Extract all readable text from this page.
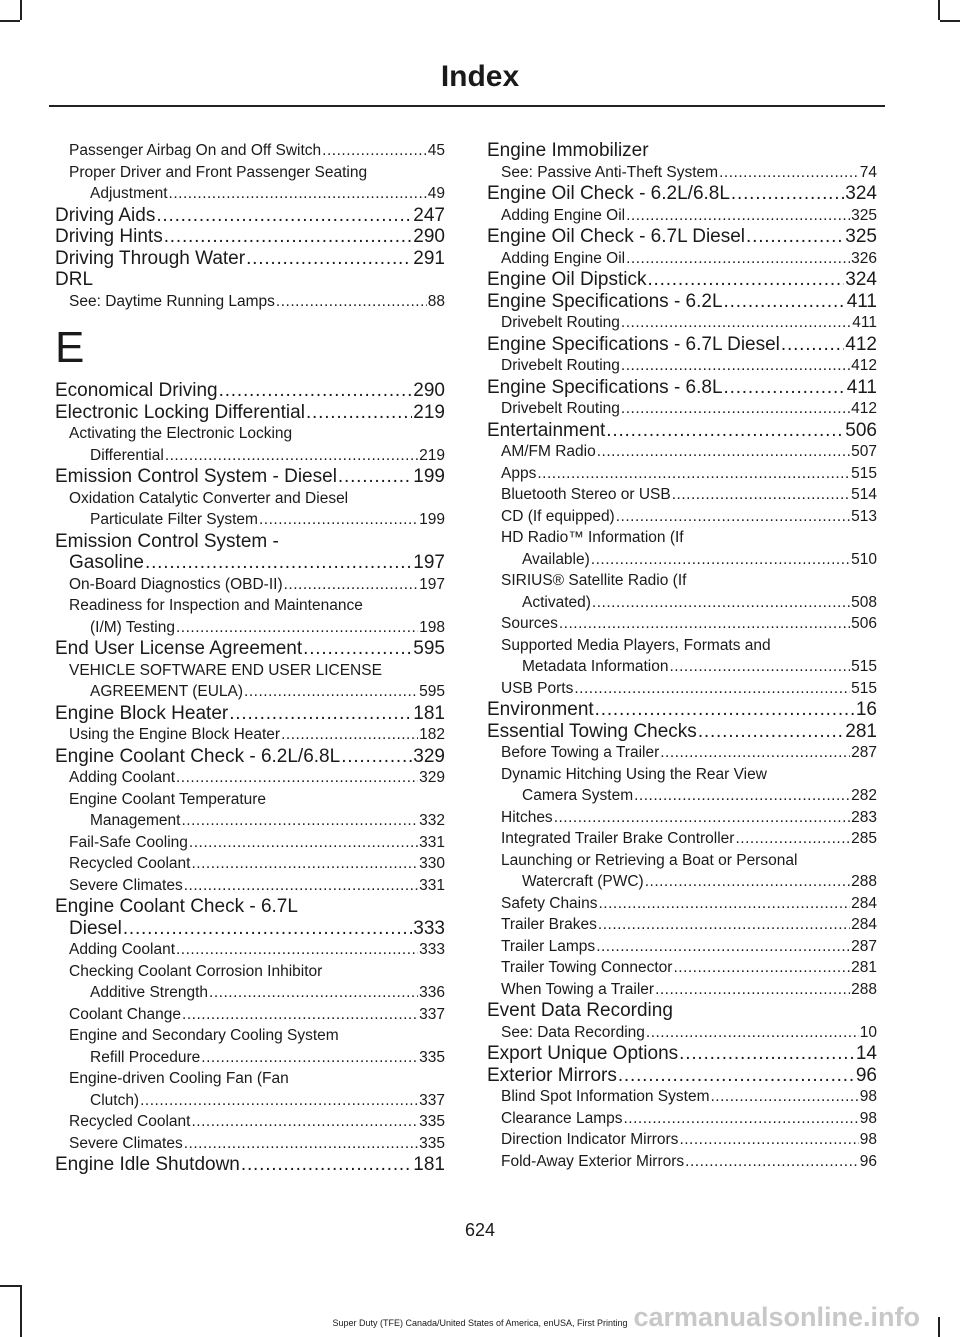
Index
Passenger Airbag On and Off Switch .....	45
Proper Driver and Front Passenger Seating
Adjustment .....	49
Driving Aids .....	247
Driving Hints .....	290
Driving Through Water .....	291
DRL
See: Daytime Running Lamps .....	88
E
Economical Driving .....	290
Electronic Locking Differential .....	219
Activating the Electronic Locking
Differential .....	219
Emission Control System - Diesel .....	199
Oxidation Catalytic Converter and Diesel
Particulate Filter System .....	199
Emission Control System -
Gasoline .....	197
On-Board Diagnostics (OBD-II) .....	197
Readiness for Inspection and Maintenance
(I/M) Testing .....	198
End User License Agreement .....	595
VEHICLE SOFTWARE END USER LICENSE
AGREEMENT (EULA) .....	595
Engine Block Heater .....	181
Using the Engine Block Heater .....	182
Engine Coolant Check - 6.2L/6.8L .....	329
Adding Coolant .....	329
Engine Coolant Temperature
Management .....	332
Fail-Safe Cooling .....	331
Recycled Coolant .....	330
Severe Climates .....	331
Engine Coolant Check - 6.7L
Diesel .....	333
Adding Coolant .....	333
Checking Coolant Corrosion Inhibitor
Additive Strength .....	336
Coolant Change .....	337
Engine and Secondary Cooling System
Refill Procedure .....	335
Engine-driven Cooling Fan (Fan
Clutch) .....	337
Recycled Coolant .....	335
Severe Climates .....	335
Engine Idle Shutdown .....	181
Engine Immobilizer
See: Passive Anti-Theft System .....	74
Engine Oil Check - 6.2L/6.8L .....	324
Adding Engine Oil .....	325
Engine Oil Check - 6.7L Diesel .....	325
Adding Engine Oil .....	326
Engine Oil Dipstick .....	324
Engine Specifications - 6.2L .....	411
Drivebelt Routing .....	411
Engine Specifications - 6.7L Diesel .....	412
Drivebelt Routing .....	412
Engine Specifications - 6.8L .....	411
Drivebelt Routing .....	412
Entertainment .....	506
AM/FM Radio .....	507
Apps .....	515
Bluetooth Stereo or USB .....	514
CD (If equipped) .....	513
HD Radio™ Information (If
Available) .....	510
SIRIUS® Satellite Radio (If
Activated) .....	508
Sources .....	506
Supported Media Players, Formats and
Metadata Information .....	515
USB Ports .....	515
Environment .....	16
Essential Towing Checks .....	281
Before Towing a Trailer .....	287
Dynamic Hitching Using the Rear View
Camera System .....	282
Hitches .....	283
Integrated Trailer Brake Controller .....	285
Launching or Retrieving a Boat or Personal
Watercraft (PWC) .....	288
Safety Chains .....	284
Trailer Brakes .....	284
Trailer Lamps .....	287
Trailer Towing Connector .....	281
When Towing a Trailer .....	288
Event Data Recording
See: Data Recording .....	10
Export Unique Options .....	14
Exterior Mirrors .....	96
Blind Spot Information System .....	98
Clearance Lamps .....	98
Direction Indicator Mirrors .....	98
Fold-Away Exterior Mirrors .....	96
624
Super Duty (TFE) Canada/United States of America, enUSA, First Printing carmanualsonline.info
